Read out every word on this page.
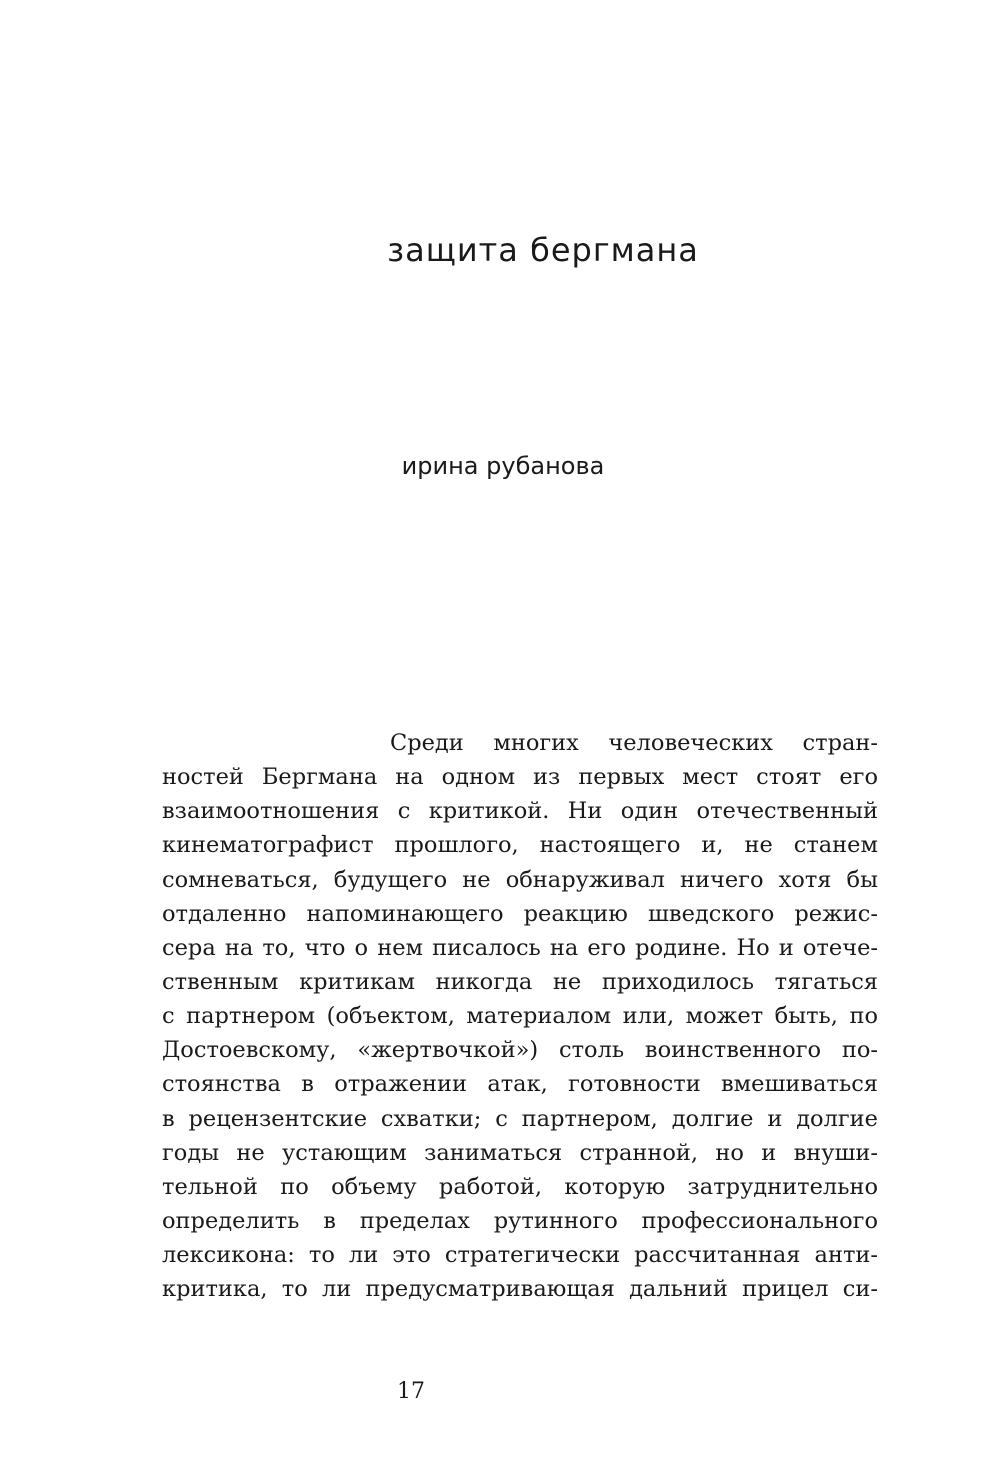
защита бергмана
ирина рубанова
Среди многих человеческих стран-
ностей Бергмана на одном из первых мест стоят его
взаимоотношения с критикой. Ни один отечественный
кинематографист прошлого, настоящего и, не станем
сомневаться, будущего не обнаруживал ничего хотя бы
отдаленно напоминающего реакцию шведского режис-
сера на то, что о нем писалось на его родине. Но и отече-
ственным критикам никогда не приходилось тягаться
с партнером (объектом, материалом или, может быть, по
Достоевскому, «жертвочкой») столь воинственного по-
стоянства в отражении атак, готовности вмешиваться
в рецензентские схватки; с партнером, долгие и долгие
годы не устающим заниматься странной, но и внуши-
тельной по объему работой, которую затруднительно
определить в пределах рутинного профессионального
лексикона: то ли это стратегически рассчитанная анти-
критика, то ли предусматривающая дальний прицел си-
17
